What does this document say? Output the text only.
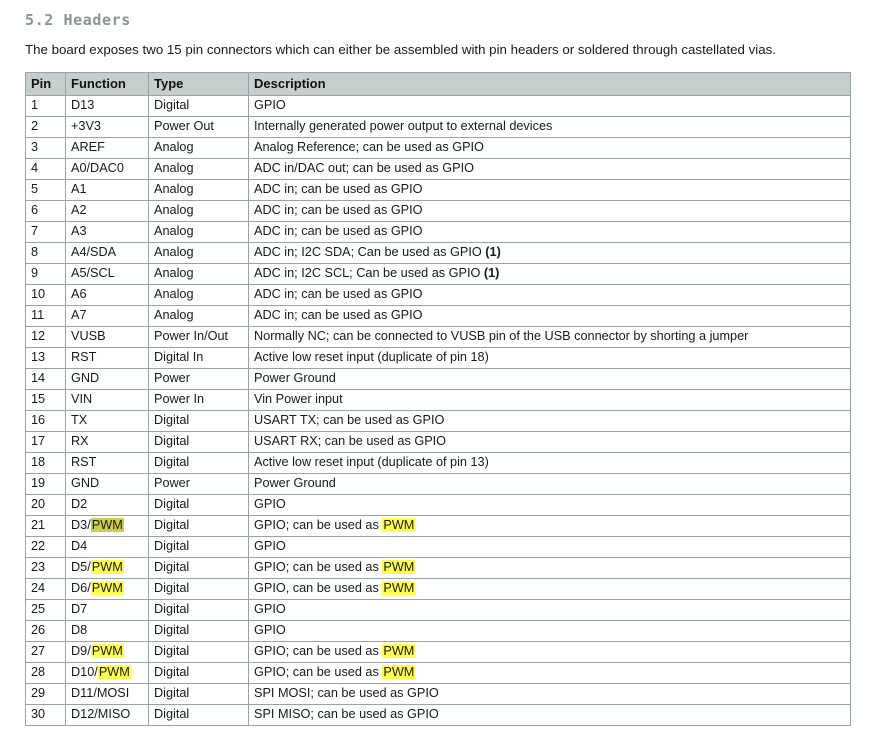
5.2 Headers

The board exposes two 15 pin connectors which can either be assembled with pin headers or soldered through castellated vias.

Pin	Function	Type	Description
1	D13	Digital	GPIO
2	+3V3	Power Out	Internally generated power output to external devices
3	AREF	Analog	Analog Reference; can be used as GPIO
4	A0/DAC0	Analog	ADC in/DAC out; can be used as GPIO
5	A1	Analog	ADC in; can be used as GPIO
6	A2	Analog	ADC in; can be used as GPIO
7	A3	Analog	ADC in; can be used as GPIO
8	A4/SDA	Analog	ADC in; I2C SDA; Can be used as GPIO (1)
9	A5/SCL	Analog	ADC in; I2C SCL; Can be used as GPIO (1)
10	A6	Analog	ADC in; can be used as GPIO
11	A7	Analog	ADC in; can be used as GPIO
12	VUSB	Power In/Out	Normally NC; can be connected to VUSB pin of the USB connector by shorting a jumper
13	RST	Digital In	Active low reset input (duplicate of pin 18)
14	GND	Power	Power Ground
15	VIN	Power In	Vin Power input
16	TX	Digital	USART TX; can be used as GPIO
17	RX	Digital	USART RX; can be used as GPIO
18	RST	Digital	Active low reset input (duplicate of pin 13)
19	GND	Power	Power Ground
20	D2	Digital	GPIO
21	D3/PWM	Digital	GPIO; can be used as PWM
22	D4	Digital	GPIO
23	D5/PWM	Digital	GPIO; can be used as PWM
24	D6/PWM	Digital	GPIO, can be used as PWM
25	D7	Digital	GPIO
26	D8	Digital	GPIO
27	D9/PWM	Digital	GPIO; can be used as PWM
28	D10/PWM	Digital	GPIO; can be used as PWM
29	D11/MOSI	Digital	SPI MOSI; can be used as GPIO
30	D12/MISO	Digital	SPI MISO; can be used as GPIO
